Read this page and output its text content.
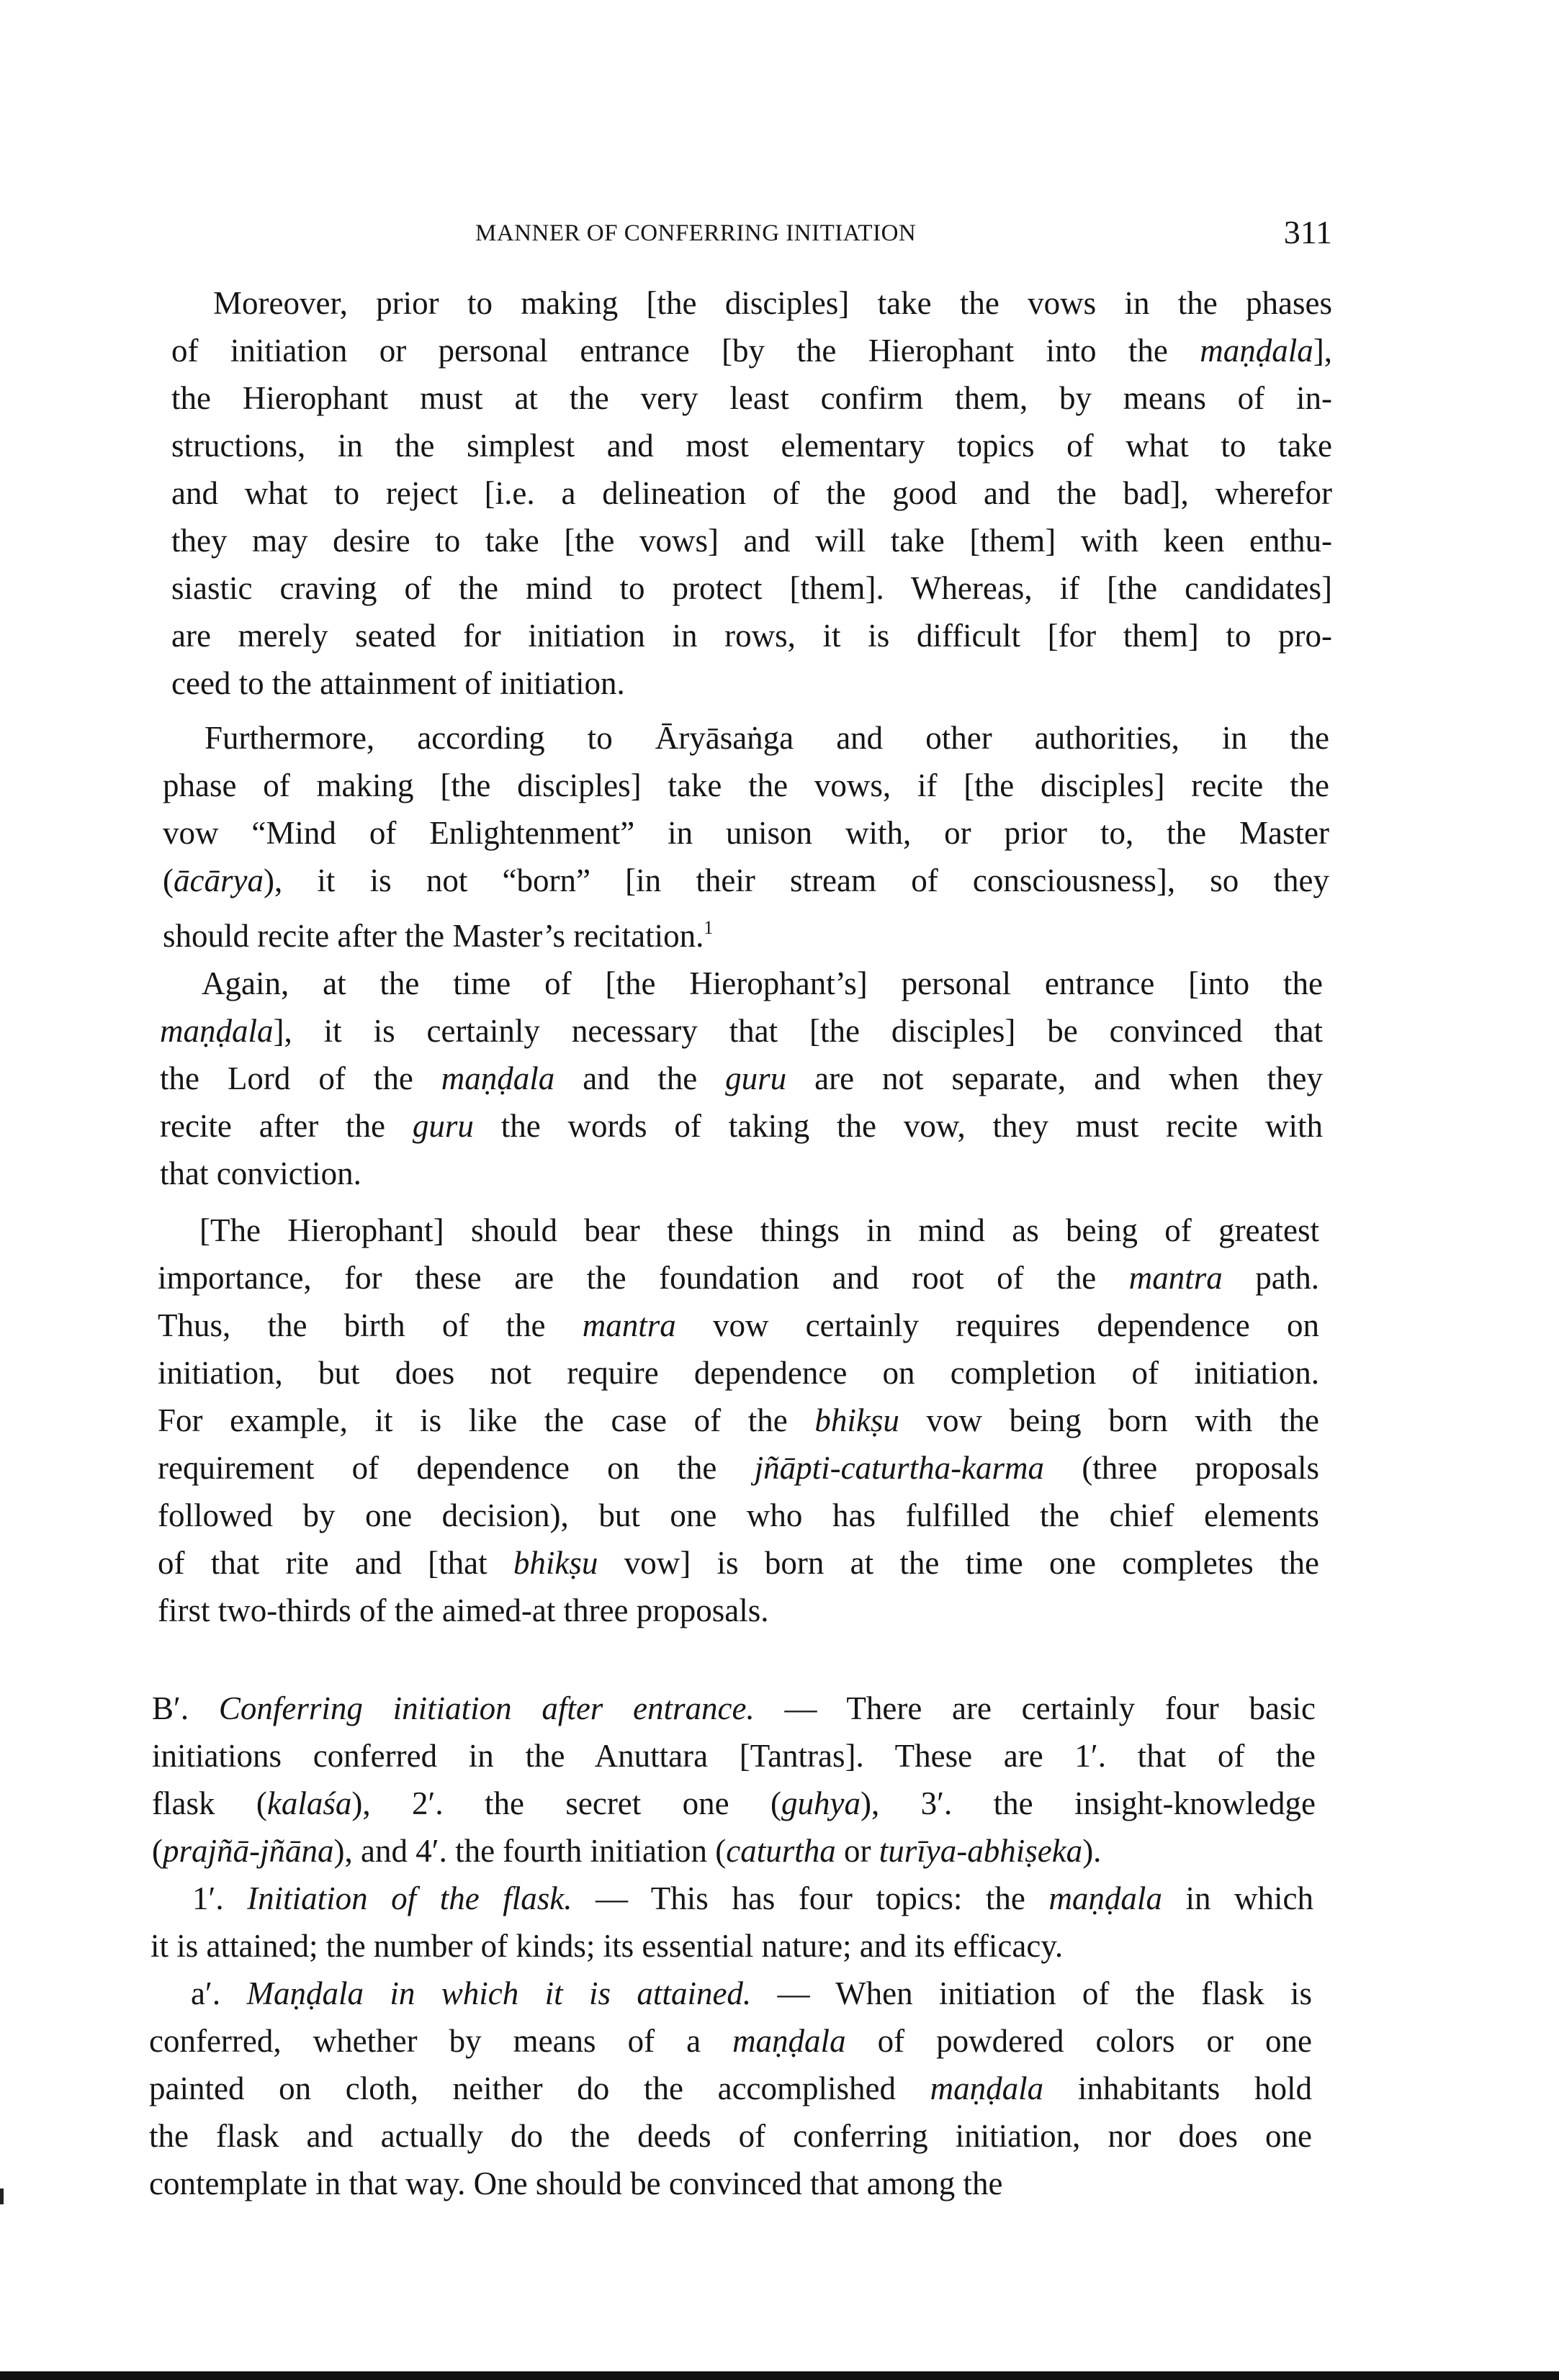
MANNER OF CONFERRING INITIATION	311
Moreover, prior to making [the disciples] take the vows in the phases
of initiation or personal entrance [by the Hierophant into the maṇḍala],
the Hierophant must at the very least confirm them, by means of in-
structions, in the simplest and most elementary topics of what to take
and what to reject [i.e. a delineation of the good and the bad], wherefor
they may desire to take [the vows] and will take [them] with keen enthu-
siastic craving of the mind to protect [them]. Whereas, if [the candidates]
are merely seated for initiation in rows, it is difficult [for them] to pro-
ceed to the attainment of initiation.
Furthermore, according to Āryāsaṅga and other authorities, in the
phase of making [the disciples] take the vows, if [the disciples] recite the
vow “Mind of Enlightenment” in unison with, or prior to, the Master
(ācārya), it is not “born” [in their stream of consciousness], so they
should recite after the Master’s recitation.$^1$
Again, at the time of [the Hierophant’s] personal entrance [into the
maṇḍala], it is certainly necessary that [the disciples] be convinced that
the Lord of the maṇḍala and the guru are not separate, and when they
recite after the guru the words of taking the vow, they must recite with
that conviction.
[The Hierophant] should bear these things in mind as being of greatest
importance, for these are the foundation and root of the mantra path.
Thus, the birth of the mantra vow certainly requires dependence on
initiation, but does not require dependence on completion of initiation.
For example, it is like the case of the bhikṣu vow being born with the
requirement of dependence on the jñāpti-caturtha-karma (three proposals
followed by one decision), but one who has fulfilled the chief elements
of that rite and [that bhikṣu vow] is born at the time one completes the
first two-thirds of the aimed-at three proposals.
B′. Conferring initiation after entrance. — There are certainly four basic
initiations conferred in the Anuttara [Tantras]. These are 1′. that of the
flask (kalaśa), 2′. the secret one (guhya), 3′. the insight-knowledge
(prajñā-jñāna), and 4′. the fourth initiation (caturtha or turīya-abhiṣeka).
1′. Initiation of the flask. — This has four topics: the maṇḍala in which
it is attained; the number of kinds; its essential nature; and its efficacy.
a′. Maṇḍala in which it is attained. — When initiation of the flask is
conferred, whether by means of a maṇḍala of powdered colors or one
painted on cloth, neither do the accomplished maṇḍala inhabitants hold
the flask and actually do the deeds of conferring initiation, nor does one
contemplate in that way. One should be convinced that among the
